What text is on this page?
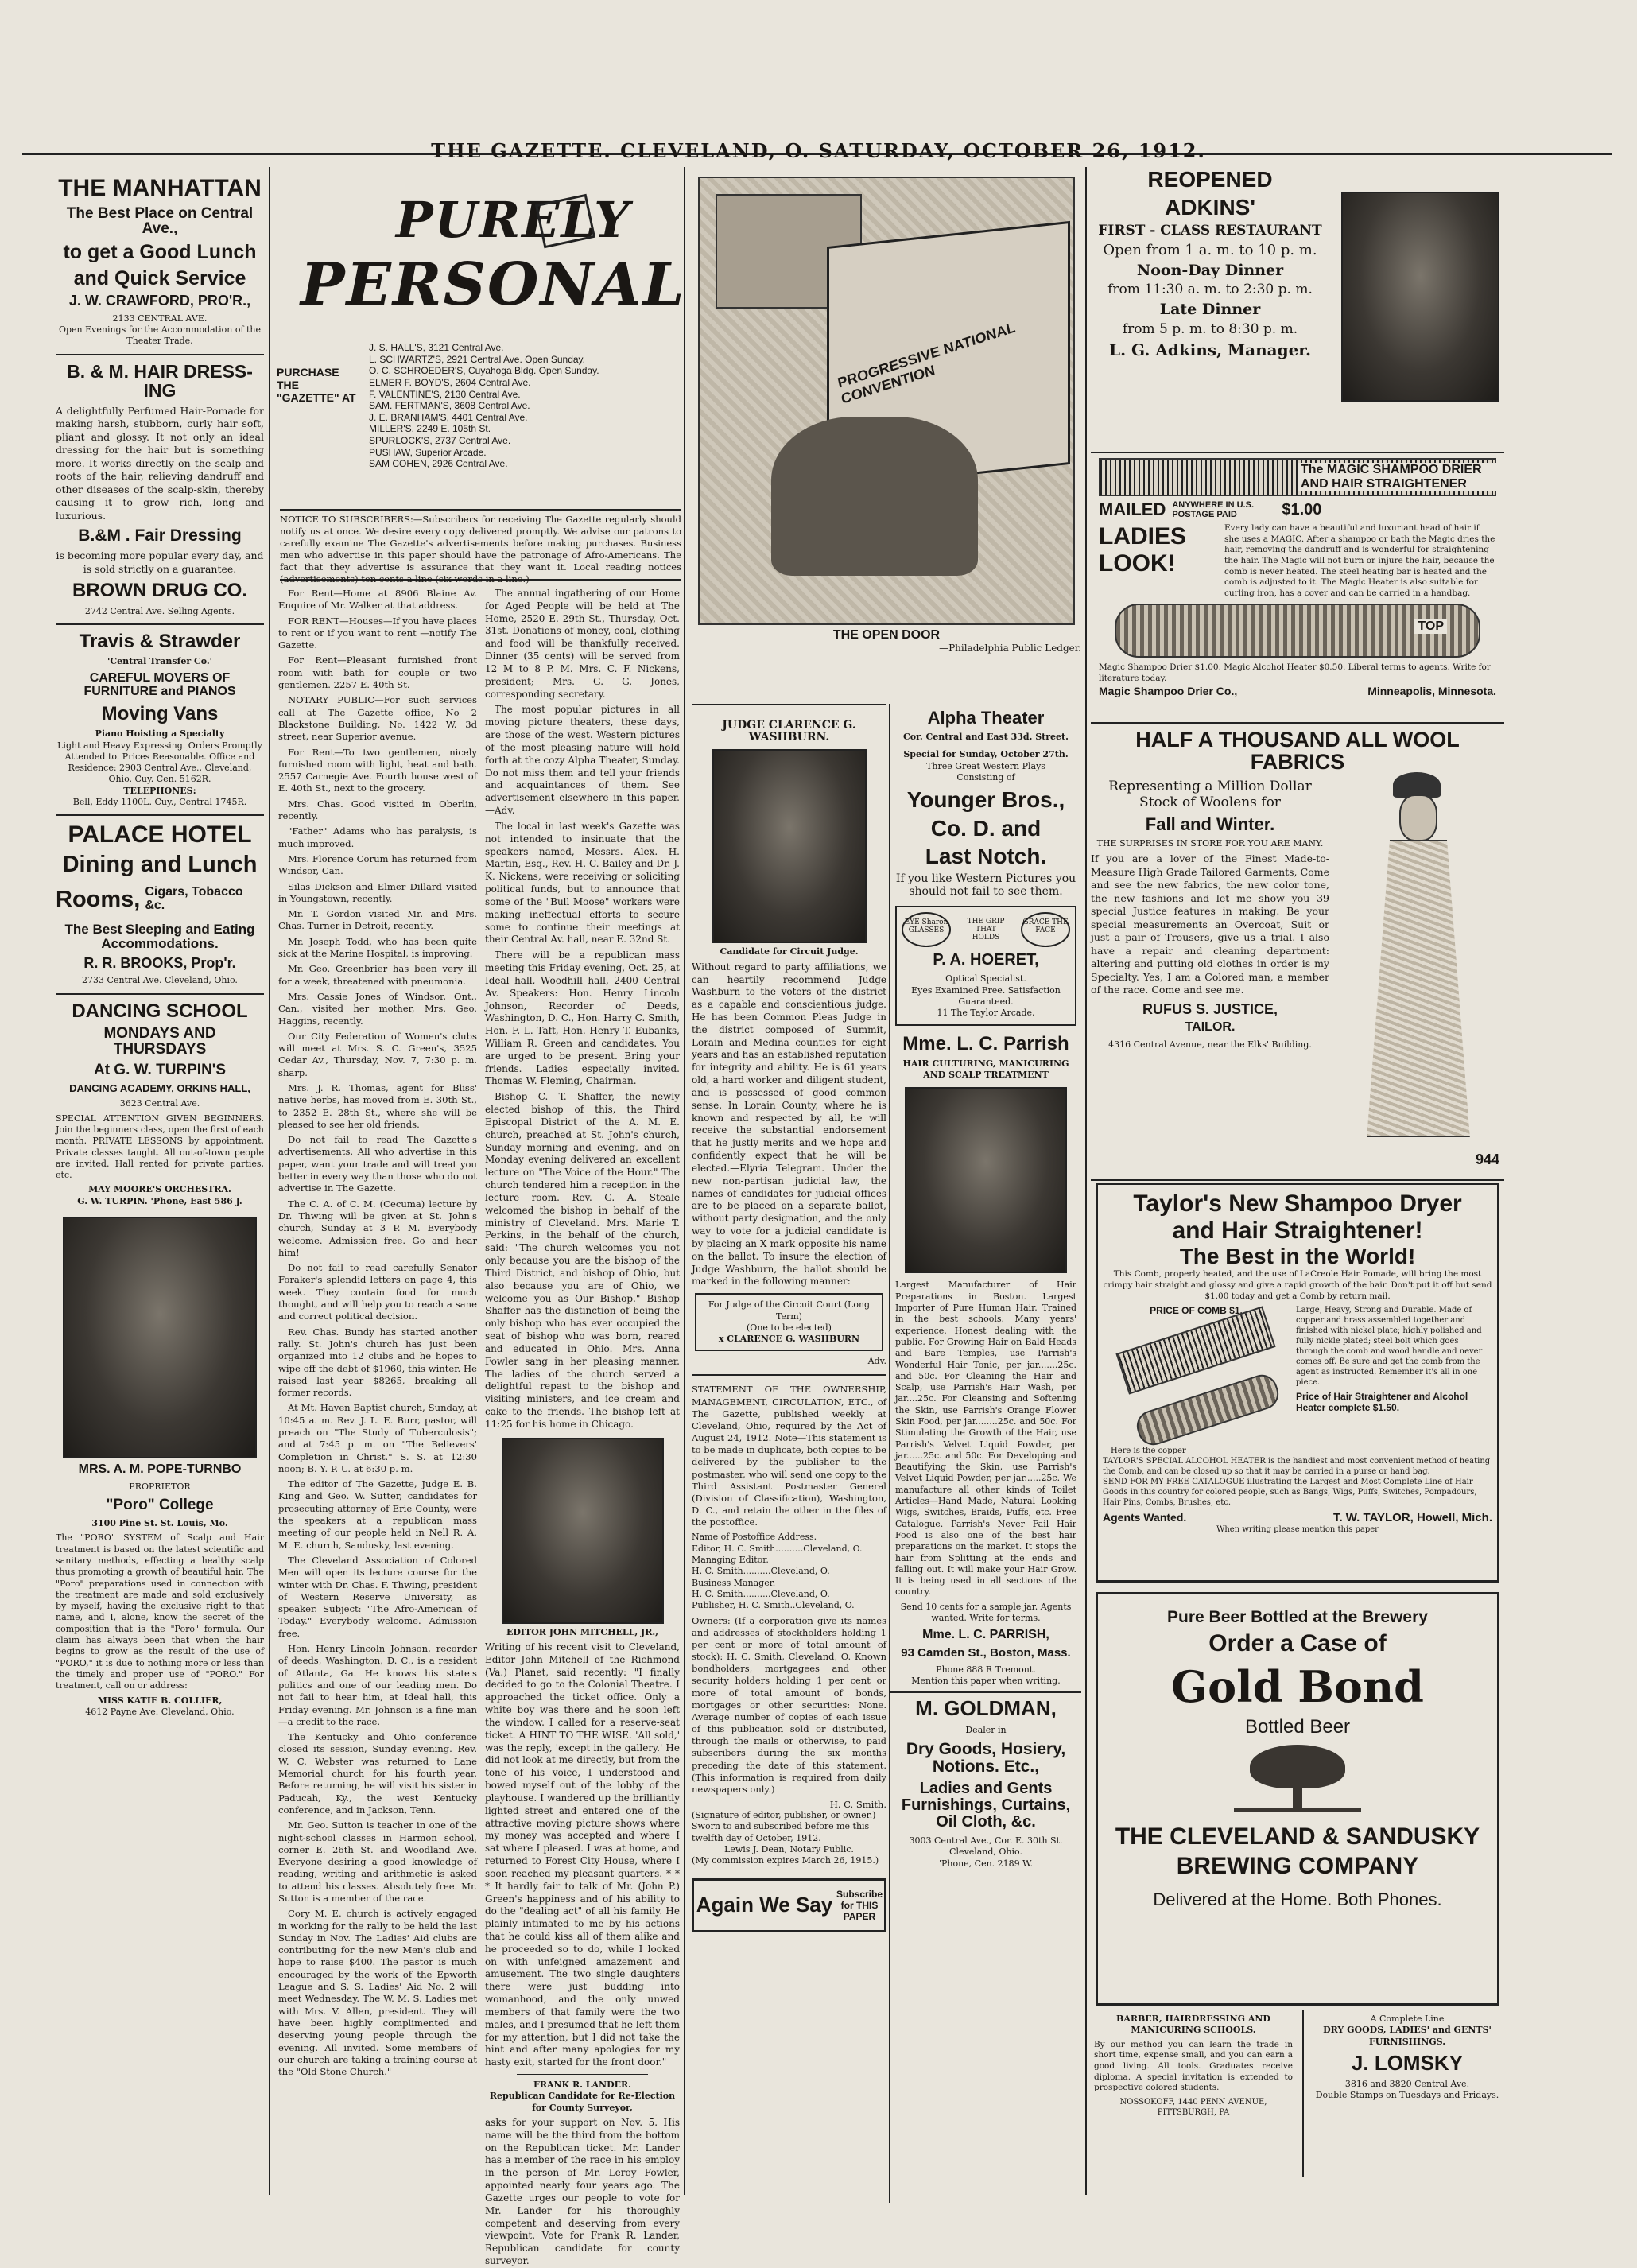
THE GAZETTE. CLEVELAND, O. SATURDAY, OCTOBER 26, 1912.
THE MANHATTAN
The Best Place on Central Ave.,
to get a Good Lunch
and Quick Service
J. W. CRAWFORD, PRO'R.,
2133 CENTRAL AVE.
Open Evenings for the Accommodation of the Theater Trade.
B. & M. HAIR DRESS-ING
A delightfully Perfumed Hair-Pomade for making harsh, stubborn, curly hair soft, pliant and glossy. It not only an ideal dressing for the hair but is something more. It works directly on the scalp and roots of the hair, relieving dandruff and other diseases of the scalp-skin, thereby causing it to grow rich, long and luxurious.
B.&M . Fair Dressing
is becoming more popular every day, and is sold strictly on a guarantee.
BROWN DRUG CO.
2742 Central Ave. Selling Agents.
Travis & Strawder
'Central Transfer Co.'
CAREFUL MOVERS OF FURNITURE and PIANOS
Moving Vans
Piano Hoisting a Specialty
Light and Heavy Expressing. Orders Promptly Attended to. Prices Reasonable. Office and Residence: 2903 Central Ave., Cleveland, Ohio. Cuy. Cen. 5162R.
TELEPHONES:
Bell, Eddy 1100L. Cuy., Central 1745R.
PALACE HOTEL
Dining and Lunch
Rooms, Cigars, Tobacco &c.
The Best Sleeping and Eating Accommodations.
R. R. BROOKS, Prop'r.
2733 Central Ave. Cleveland, Ohio.
DANCING SCHOOL
MONDAYS AND THURSDAYS
At G. W. TURPIN'S
DANCING ACADEMY, ORKINS HALL,
3623 Central Ave.
SPECIAL ATTENTION GIVEN BEGINNERS. Join the beginners class, open the first of each month. PRIVATE LESSONS by appointment. Private classes taught. All out-of-town people are invited. Hall rented for private parties, etc.
MAY MOORE'S ORCHESTRA.
G. W. TURPIN. 'Phone, East 586 J.
MRS. A. M. POPE-TURNBO
PROPRIETOR
"Poro" College
3100 Pine St. St. Louis, Mo.
The "PORO" SYSTEM of Scalp and Hair treatment is based on the latest scientific and sanitary methods, effecting a healthy scalp thus promoting a growth of beautiful hair. The "Poro" preparations used in connection with the treatment are made and sold exclusively by myself, having the exclusive right to that name, and I, alone, know the secret of the composition that is the "Poro" formula. Our claim has always been that when the hair begins to grow as the result of the use of "PORO," it is due to nothing more or less than the timely and proper use of "PORO." For treatment, call on or address:
MISS KATIE B. COLLIER,
4612 Payne Ave. Cleveland, Ohio.
PURELY
PERSONAL
PURCHASE THE "GAZETTE" AT
J. S. HALL'S, 3121 Central Ave.
L. SCHWARTZ'S, 2921 Central Ave. Open Sunday.
O. C. SCHROEDER'S, Cuyahoga Bldg. Open Sunday.
ELMER F. BOYD'S, 2604 Central Ave.
F. VALENTINE'S, 2130 Central Ave.
SAM. FERTMAN'S, 3608 Central Ave.
J. E. BRANHAM'S, 4401 Central Ave.
MILLER'S, 2249 E. 105th St.
SPURLOCK'S, 2737 Central Ave.
PUSHAW, Superior Arcade.
SAM COHEN, 2926 Central Ave.
NOTICE TO SUBSCRIBERS:—Subscribers for receiving The Gazette regularly should notify us at once. We desire every copy delivered promptly. We advise our patrons to carefully examine The Gazette's advertisements before making purchases. Business men who advertise in this paper should have the patronage of Afro-Americans. The fact that they advertise is assurance that they want it. Local reading notices (advertisements) ten cents a line (six words in a line.)

For Rent—Home at 8906 Blaine Av. Enquire of Mr. Walker at that address.

FOR RENT—Houses—If you have places to rent or if you want to rent —notify The Gazette.

For Rent—Pleasant furnished front room with bath for couple or two gentlemen. 2257 E. 40th St.

NOTARY PUBLIC—For such services call at The Gazette office, No 2 Blackstone Building, No. 1422 W. 3d street, near Superior avenue.

For Rent—To two gentlemen, nicely furnished room with light, heat and bath. 2557 Carnegie Ave. Fourth house west of E. 40th St., next to the grocery.

Mrs. Chas. Good visited in Oberlin, recently.

"Father" Adams who has paralysis, is much improved.

Mrs. Florence Corum has returned from Windsor, Can.

Silas Dickson and Elmer Dillard visited in Youngstown, recently.

Mr. T. Gordon visited Mr. and Mrs. Chas. Turner in Detroit, recently.

Mr. Joseph Todd, who has been quite sick at the Marine Hospital, is improving.

Mr. Geo. Greenbrier has been very ill for a week, threatened with pneumonia.

Mrs. Cassie Jones of Windsor, Ont., Can., visited her mother, Mrs. Geo. Haggins, recently.

Our City Federation of Women's clubs will meet at Mrs. S. C. Green's, 3525 Cedar Av., Thursday, Nov. 7, 7:30 p. m. sharp.

Mrs. J. R. Thomas, agent for Bliss' native herbs, has moved from E. 30th St., to 2352 E. 28th St., where she will be pleased to see her old friends.

Do not fail to read The Gazette's advertisements. All who advertise in this paper, want your trade and will treat you better in every way than those who do not advertise in The Gazette.

The C. A. of C. M. (Cecuma) lecture by Dr. Thwing will be given at St. John's church, Sunday at 3 P. M. Everybody welcome. Admission free. Go and hear him!

Do not fail to read carefully Senator Foraker's splendid letters on page 4, this week. They contain food for much thought, and will help you to reach a sane and correct political decision.

Rev. Chas. Bundy has started another rally. St. John's church has just been organized into 12 clubs and he hopes to wipe off the debt of $1960, this winter. He raised last year $8265, breaking all former records.

At Mt. Haven Baptist church, Sunday, at 10:45 a. m. Rev. J. L. E. Burr, pastor, will preach on "The Study of Tuberculosis"; and at 7:45 p. m. on "The Believers' Completion in Christ." S. S. at 12:30 noon; B. Y. P. U. at 6:30 p. m.

The editor of The Gazette, Judge E. B. King and Geo. W. Sutter, candidates for prosecuting attorney of Erie County, were the speakers at a republican mass meeting of our people held in Nell R. A. M. E. church, Sandusky, last evening.

The Cleveland Association of Colored Men will open its lecture course for the winter with Dr. Chas. F. Thwing, president of Western Reserve University, as speaker. Subject: "The Afro-American of Today." Everybody welcome. Admission free.

Hon. Henry Lincoln Johnson, recorder of deeds, Washington, D. C., is a resident of Atlanta, Ga. He knows his state's politics and one of our leading men. Do not fail to hear him, at Ideal hall, this Friday evening. Mr. Johnson is a fine man—a credit to the race.

The Kentucky and Ohio conference closed its session, Sunday evening. Rev. W. C. Webster was returned to Lane Memorial church for his fourth year. Before returning, he will visit his sister in Paducah, Ky., the west Kentucky conference, and in Jackson, Tenn.

Mr. Geo. Sutton is teacher in one of the night-school classes in Harmon school, corner E. 26th St. and Woodland Ave. Everyone desiring a good knowledge of reading, writing and arithmetic is asked to attend his classes. Absolutely free. Mr. Sutton is a member of the race.

Cory M. E. church is actively engaged in working for the rally to be held the last Sunday in Nov. The Ladies' Aid clubs are contributing for the new Men's club and hope to raise $400. The pastor is much encouraged by the work of the Epworth League and S. S. Ladies' Aid No. 2 will meet Wednesday. The W. M. S. Ladies met with Mrs. V. Allen, president. They will have been highly complimented and deserving young people through the evening. All invited. Some members of our church are taking a training course at the "Old Stone Church."

The annual ingathering of our Home for Aged People will be held at The Home, 2520 E. 29th St., Thursday, Oct. 31st. Donations of money, coal, clothing and food will be thankfully received. Dinner (35 cents) will be served from 12 M to 8 P. M. Mrs. C. F. Nickens, president; Mrs. G. G. Jones, corresponding secretary.

The most popular pictures in all moving picture theaters, these days, are those of the west. Western pictures of the most pleasing nature will hold forth at the cozy Alpha Theater, Sunday. Do not miss them and tell your friends and acquaintances of them. See advertisement elsewhere in this paper.—Adv.

The local in last week's Gazette was not intended to insinuate that the speakers named, Messrs. Alex. H. Martin, Esq., Rev. H. C. Bailey and Dr. J. K. Nickens, were receiving or soliciting political funds, but to announce that some of the "Bull Moose" workers were making ineffectual efforts to secure some to continue their meetings at their Central Av. hall, near E. 32nd St.

There will be a republican mass meeting this Friday evening, Oct. 25, at Ideal hall, Woodhill hall, 2400 Central Av. Speakers: Hon. Henry Lincoln Johnson, Recorder of Deeds, Washington, D. C., Hon. Harry C. Smith, Hon. F. L. Taft, Hon. Henry T. Eubanks, William R. Green and candidates. You are urged to be present. Bring your friends. Ladies especially invited. Thomas W. Fleming, Chairman.

Bishop C. T. Shaffer, the newly elected bishop of this, the Third Episcopal District of the A. M. E. church, preached at St. John's church, Sunday morning and evening, and on Monday evening delivered an excellent lecture on "The Voice of the Hour." The church tendered him a reception in the lecture room. Rev. G. A. Steale welcomed the bishop in behalf of the ministry of Cleveland. Mrs. Marie T. Perkins, in the behalf of the church, said: "The church welcomes you not only because you are the bishop of the Third District, and bishop of Ohio, but also because you are of Ohio, we welcome you as Our Bishop." Bishop Shaffer has the distinction of being the only bishop who has ever occupied the seat of bishop who was born, reared and educated in Ohio. Mrs. Anna Fowler sang in her pleasing manner. The ladies of the church served a delightful repast to the bishop and visiting ministers, and ice cream and cake to the friends. The bishop left at 11:25 for his home in Chicago.

EDITOR JOHN MITCHELL, JR.,
Writing of his recent visit to Cleveland, Editor John Mitchell of the Richmond (Va.) Planet, said recently: "I finally decided to go to the Colonial Theatre. I approached the ticket office. Only a white boy was there and he soon left the window. I called for a reserve-seat ticket. A HINT TO THE WISE. 'All sold,' was the reply, 'except in the gallery.' He did not look at me directly, but from the tone of his voice, I understood and bowed myself out of the lobby of the playhouse. I wandered up the brilliantly lighted street and entered one of the attractive moving picture shows where my money was accepted and where I sat where I pleased. I was at home, and returned to Forest City House, where I soon reached my pleasant quarters. * * * It hardly fair to talk of Mr. (John P.) Green's happiness and of his ability to do the "dealing act" of all his family. He plainly intimated to me by his actions that he could kiss all of them alike and he proceeded so to do, while I looked on with unfeigned amazement and amusement. The two single daughters there were just budding into womanhood, and the only unwed members of that family were the two males, and I presumed that he left them for my attention, but I did not take the hint and after many apologies for my hasty exit, started for the front door."
FRANK R. LANDER.
Republican Candidate for Re-Election for County Surveyor,
asks for your support on Nov. 5. His name will be the third from the bottom on the Republican ticket. Mr. Lander has a member of the race in his employ in the person of Mr. Leroy Fowler, appointed nearly four years ago. The Gazette urges our people to vote for Mr. Lander for his thoroughly competent and deserving from every viewpoint. Vote for Frank R. Lander, Republican candidate for county surveyor.
PROGRESSIVE NATIONAL CONVENTION
THE OPEN DOOR
—Philadelphia Public Ledger.
JUDGE CLARENCE G. WASHBURN.
Candidate for Circuit Judge.
Without regard to party affiliations, we can heartily recommend Judge Washburn to the voters of the district as a capable and conscientious judge. He has been Common Pleas Judge in the district composed of Summit, Lorain and Medina counties for eight years and has an established reputation for integrity and ability. He is 61 years old, a hard worker and diligent student, and is possessed of good common sense. In Lorain County, where he is known and respected by all, he will receive the substantial endorsement that he justly merits and we hope and confidently expect that he will be elected.—Elyria Telegram. Under the new non-partisan judicial law, the names of candidates for judicial offices are to be placed on a separate ballot, without party designation, and the only way to vote for a judicial candidate is by placing an X mark opposite his name on the ballot. To insure the election of Judge Washburn, the ballot should be marked in the following manner:
For Judge of the Circuit Court (Long Term)
(One to be elected)
x CLARENCE G. WASHBURN
Adv.
STATEMENT OF THE OWNERSHIP, MANAGEMENT, CIRCULATION, ETC., of The Gazette, published weekly at Cleveland, Ohio, required by the Act of August 24, 1912. Note—This statement is to be made in duplicate, both copies to be delivered by the publisher to the postmaster, who will send one copy to the Third Assistant Postmaster General (Division of Classification), Washington, D. C., and retain the other in the files of the postoffice.
Name of Postoffice Address.
Editor, H. C. Smith..........Cleveland, O.
Managing Editor.
H. C. Smith..........Cleveland, O.
Business Manager.
H. C. Smith..........Cleveland, O.
Publisher, H. C. Smith..Cleveland, O.
Owners: (If a corporation give its names and addresses of stockholders holding 1 per cent or more of total amount of stock): H. C. Smith, Cleveland, O. Known bondholders, mortgagees and other security holders holding 1 per cent or more of total amount of bonds, mortgages or other securities: None. Average number of copies of each issue of this publication sold or distributed, through the mails or otherwise, to paid subscribers during the six months preceding the date of this statement. (This information is required from daily newspapers only.)
H. C. Smith.
(Signature of editor, publisher, or owner.)
Sworn to and subscribed before me this twelfth day of October, 1912.
Lewis J. Dean, Notary Public.
(My commission expires March 26, 1915.)
Again We Say Subscribe for THIS PAPER
Alpha Theater
Cor. Central and East 33d. Street.
Special for Sunday, October 27th.
Three Great Western Plays
Consisting of
Younger Bros.,
Co. D. and
Last Notch.
If you like Western Pictures you should not fail to see them.
EYE Sharon GLASSES
THE GRIP THAT HOLDS
GRACE THE FACE
P. A. HOERET,
Optical Specialist.
Eyes Examined Free. Satisfaction Guaranteed.
11 The Taylor Arcade.
Mme. L. C. Parrish
HAIR CULTURING, MANICURING AND SCALP TREATMENT
Largest Manufacturer of Hair Preparations in Boston. Largest Importer of Pure Human Hair. Trained in the best schools. Many years' experience. Honest dealing with the public. For Growing Hair on Bald Heads and Bare Temples, use Parrish's Wonderful Hair Tonic, per jar.......25c. and 50c. For Cleaning the Hair and Scalp, use Parrish's Hair Wash, per jar....25c. For Cleansing and Softening the Skin, use Parrish's Orange Flower Skin Food, per jar........25c. and 50c. For Stimulating the Growth of the Hair, use Parrish's Velvet Liquid Powder, per jar......25c. and 50c. For Developing and Beautifying the Skin, use Parrish's Velvet Liquid Powder, per jar......25c. We manufacture all other kinds of Toilet Articles—Hand Made, Natural Looking Wigs, Switches, Braids, Puffs, etc. Free Catalogue. Parrish's Never Fail Hair Food is also one of the best hair preparations on the market. It stops the hair from Splitting at the ends and falling out. It will make your Hair Grow. It is being used in all sections of the country.
Send 10 cents for a sample jar. Agents wanted. Write for terms.
Mme. L. C. PARRISH,
93 Camden St., Boston, Mass.
Phone 888 R Tremont.
Mention this paper when writing.
M. GOLDMAN,
Dealer in
Dry Goods, Hosiery, Notions. Etc.,
Ladies and Gents Furnishings, Curtains, Oil Cloth, &c.
3003 Central Ave., Cor. E. 30th St.
Cleveland, Ohio.
'Phone, Cen. 2189 W.
REOPENED
ADKINS'
FIRST - CLASS RESTAURANT
Open from 1 a. m. to 10 p. m.
Noon-Day Dinner
from 11:30 a. m. to 2:30 p. m.
Late Dinner
from 5 p. m. to 8:30 p. m.
L. G. Adkins, Manager.
The MAGIC SHAMPOO DRIER AND HAIR STRAIGHTENER
MAILED ANYWHERE IN U.S. POSTAGE PAID	$1.00
LADIES LOOK!
Every lady can have a beautiful and luxuriant head of hair if she uses a MAGIC. After a shampoo or bath the Magic dries the hair, removing the dandruff and is wonderful for straightening the hair. The Magic will not burn or injure the hair, because the comb is never heated. The steel heating bar is heated and the comb is adjusted to it. The Magic Heater is also suitable for curling iron, has a cover and can be carried in a handbag.
TOP
Magic Shampoo Drier $1.00. Magic Alcohol Heater $0.50. Liberal terms to agents. Write for literature today.
Magic Shampoo Drier Co.,	Minneapolis, Minnesota.
HALF A THOUSAND ALL WOOL FABRICS
Representing a Million Dollar Stock of Woolens for
Fall and Winter.
THE SURPRISES IN STORE FOR YOU ARE MANY.
If you are a lover of the Finest Made-to-Measure High Grade Tailored Garments, Come and see the new fabrics, the new color tone, the new fashions and let me show you 39 special Justice features in making. Be your special measurements an Overcoat, Suit or just a pair of Trousers, give us a trial. I also have a repair and cleaning department: altering and putting old clothes in order is my Specialty. Yes, I am a Colored man, a member of the race. Come and see me.
RUFUS S. JUSTICE,
TAILOR.
4316 Central Avenue, near the Elks' Building.
944
Taylor's New Shampoo Dryer
and Hair Straightener!
The Best in the World!
This Comb, properly heated, and the use of LaCreole Hair Pomade, will bring the most crimpy hair straight and glossy and give a rapid growth of the hair. Don't put it off but send $1.00 today and get a Comb by return mail.
PRICE OF COMB $1.
Here is the copper
Large, Heavy, Strong and Durable. Made of copper and brass assembled together and finished with nickel plate; highly polished and fully nickle plated; steel bolt which goes through the comb and wood handle and never comes off. Be sure and get the comb from the agent as instructed. Remember it's all in one piece.
Price of Hair Straightener and Alcohol Heater complete $1.50.
TAYLOR'S SPECIAL ALCOHOL HEATER is the handiest and most convenient method of heating the Comb, and can be closed up so that it may be carried in a purse or hand bag.
SEND FOR MY FREE CATALOGUE illustrating the Largest and Most Complete Line of Hair Goods in this country for colored people, such as Bangs, Wigs, Puffs, Switches, Pompadours, Hair Pins, Combs, Brushes, etc.
Agents Wanted.	T. W. TAYLOR, Howell, Mich.
When writing please mention this paper
Pure Beer Bottled at the Brewery
Order a Case of
Gold Bond
Bottled Beer
THE CLEVELAND & SANDUSKY
BREWING COMPANY
Delivered at the Home. Both Phones.
BARBER, HAIRDRESSING AND MANICURING SCHOOLS.
By our method you can learn the trade in short time, expense small, and you can earn a good living. All tools. Graduates receive diploma. A special invitation is extended to prospective colored students.
NOSSOKOFF, 1440 PENN AVENUE, PITTSBURGH, PA
A Complete Line
DRY GOODS, LADIES' and GENTS' FURNISHINGS.
J. LOMSKY
3816 and 3820 Central Ave.
Double Stamps on Tuesdays and Fridays.
